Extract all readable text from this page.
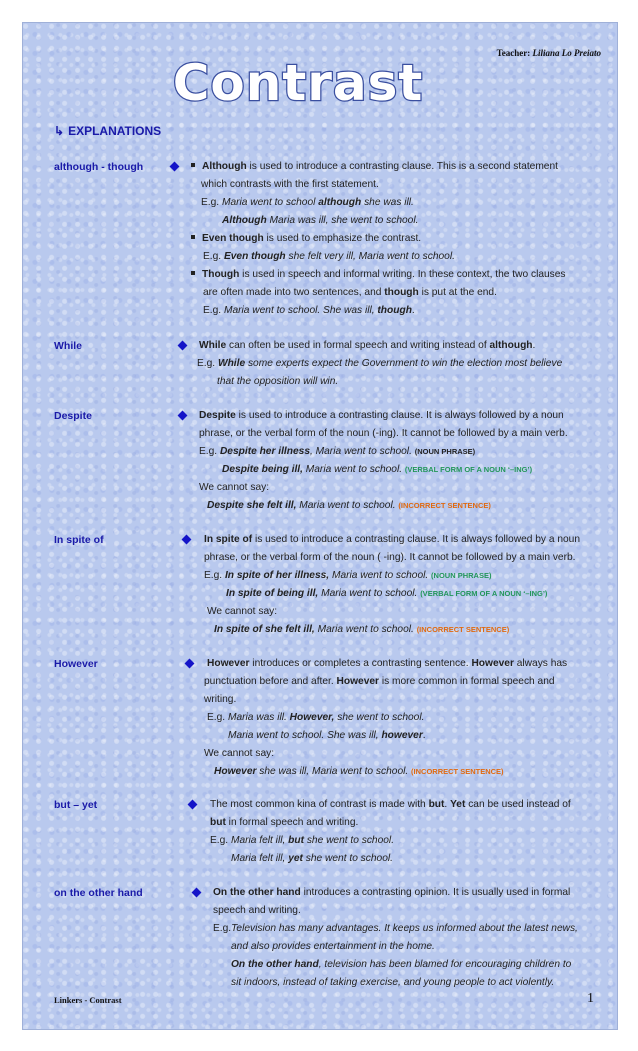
Teacher: Liliana Lo Preiato
Contrast
↳ EXPLANATIONS
although - though	Although is used to introduce a contrasting clause. This is a second statement
which contrasts with the first statement.
E.g. Maria went to school although she was ill.
Although Maria was ill, she went to school.
Even though is used to emphasize the contrast.
E.g. Even though she felt very ill, Maria went to school.
Though is used in speech and informal writing. In these context, the two clauses
are often made into two sentences, and though is put at the end.
E.g. Maria went to school. She was ill, though.
While	While can often be used in formal speech and writing instead of although.
E.g. While some experts expect the Government to win the election most believe
that the opposition will win.
Despite	Despite is used to introduce a contrasting clause. It is always followed by a noun
phrase, or the verbal form of the noun (-ing). It cannot be followed by a main verb.
E.g. Despite her illness, Maria went to school. (NOUN PHRASE)
Despite being ill, Maria went to school. (VERBAL FORM OF A NOUN ‘–ING’)
We cannot say:
Despite she felt ill, Maria went to school. (INCORRECT SENTENCE)
In spite of	In spite of is used to introduce a contrasting clause. It is always followed by a noun
phrase, or the verbal form of the noun ( -ing). It cannot be followed by a main verb.
E.g. In spite of her illness, Maria went to school. (NOUN PHRASE)
In spite of being ill, Maria went to school. (VERBAL FORM OF A NOUN ‘–ING’)
We cannot say:
In spite of she felt ill, Maria went to school. (INCORRECT SENTENCE)
However	However introduces or completes a contrasting sentence. However always has
punctuation before and after. However is more common in formal speech and
writing.
E.g. Maria was ill. However, she went to school.
Maria went to school. She was ill, however.
We cannot say:
However she was ill, Maria went to school. (INCORRECT SENTENCE)
but – yet	The most common kina of contrast is made with but. Yet can be used instead of
but in formal speech and writing.
E.g. Maria felt ill, but she went to school.
Maria felt ill, yet she went to school.
on the other hand	On the other hand introduces a contrasting opinion. It is usually used in formal
speech and writing.
E.g.Television has many advantages. It keeps us informed about the latest news,
and also provides entertainment in the home.
On the other hand, television has been blamed for encouraging children to
sit indoors, instead of taking exercise, and young people to act violently.
Linkers - Contrast	1
